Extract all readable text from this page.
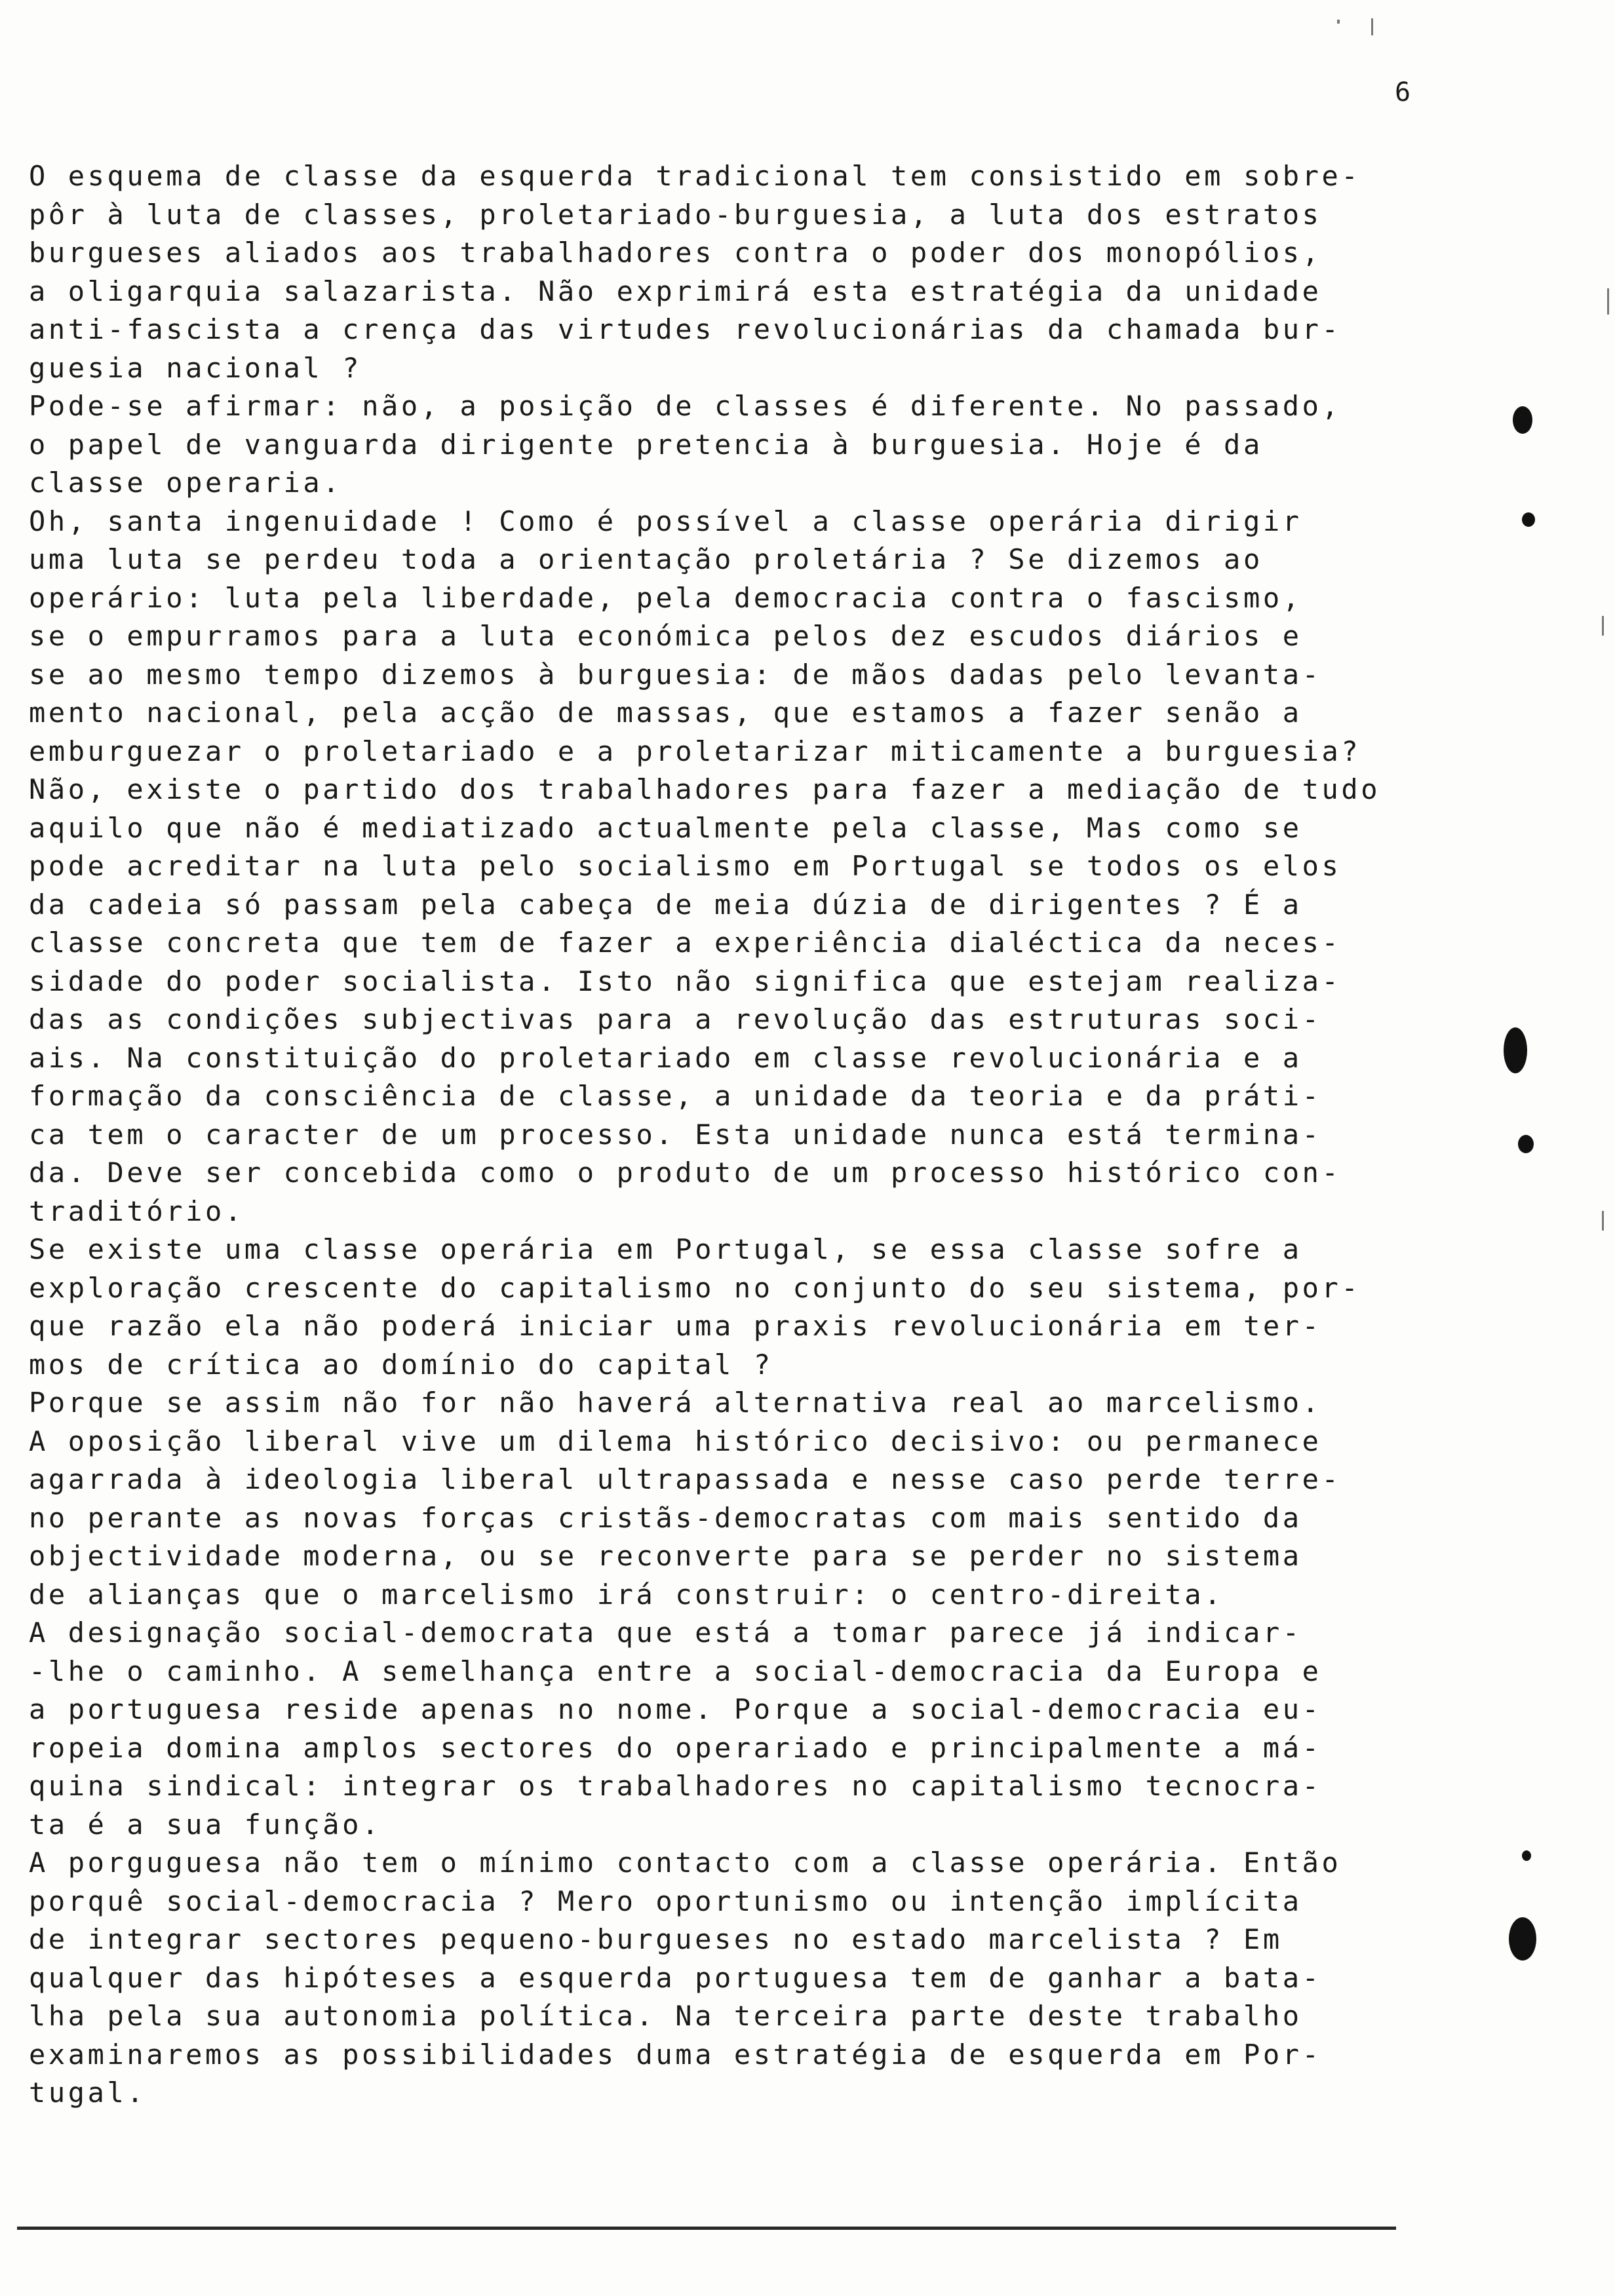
6
O esquema de classe da esquerda tradicional tem consistido em sobre-
pôr à luta de classes, proletariado-burguesia, a luta dos estratos
burgueses aliados aos trabalhadores contra o poder dos monopólios,
a oligarquia salazarista. Não exprimirá esta estratégia da unidade
anti-fascista a crença das virtudes revolucionárias da chamada bur-
guesia nacional ?
Pode-se afirmar: não, a posição de classes é diferente. No passado,
o papel de vanguarda dirigente pretencia à burguesia. Hoje é da
classe operaria.
Oh, santa ingenuidade ! Como é possível a classe operária dirigir
uma luta se perdeu toda a orientação proletária ? Se dizemos ao
operário: luta pela liberdade, pela democracia contra o fascismo,
se o empurramos para a luta económica pelos dez escudos diários e
se ao mesmo tempo dizemos à burguesia: de mãos dadas pelo levanta-
mento nacional, pela acção de massas, que estamos a fazer senão a
emburguezar o proletariado e a proletarizar miticamente a burguesia?
Não, existe o partido dos trabalhadores para fazer a mediação de tudo
aquilo que não é mediatizado actualmente pela classe, Mas como se
pode acreditar na luta pelo socialismo em Portugal se todos os elos
da cadeia só passam pela cabeça de meia dúzia de dirigentes ? É a
classe concreta que tem de fazer a experiência dialéctica da neces-
sidade do poder socialista. Isto não significa que estejam realiza-
das as condições subjectivas para a revolução das estruturas soci-
ais. Na constituição do proletariado em classe revolucionária e a
formação da consciência de classe, a unidade da teoria e da práti-
ca tem o caracter de um processo. Esta unidade nunca está termina-
da. Deve ser concebida como o produto de um processo histórico con-
traditório.
Se existe uma classe operária em Portugal, se essa classe sofre a
exploração crescente do capitalismo no conjunto do seu sistema, por-
que razão ela não poderá iniciar uma praxis revolucionária em ter-
mos de crítica ao domínio do capital ?
Porque se assim não for não haverá alternativa real ao marcelismo.
A oposição liberal vive um dilema histórico decisivo: ou permanece
agarrada à ideologia liberal ultrapassada e nesse caso perde terre-
no perante as novas forças cristãs-democratas com mais sentido da
objectividade moderna, ou se reconverte para se perder no sistema
de alianças que o marcelismo irá construir: o centro-direita.
A designação social-democrata que está a tomar parece já indicar-
-lhe o caminho. A semelhança entre a social-democracia da Europa e
a portuguesa reside apenas no nome. Porque a social-democracia eu-
ropeia domina amplos sectores do operariado e principalmente a má-
quina sindical: integrar os trabalhadores no capitalismo tecnocra-
ta é a sua função.
A porguguesa não tem o mínimo contacto com a classe operária. Então
porquê social-democracia ? Mero oportunismo ou intenção implícita
de integrar sectores pequeno-burgueses no estado marcelista ? Em
qualquer das hipóteses a esquerda portuguesa tem de ganhar a bata-
lha pela sua autonomia política. Na terceira parte deste trabalho
examinaremos as possibilidades duma estratégia de esquerda em Por-
tugal.
